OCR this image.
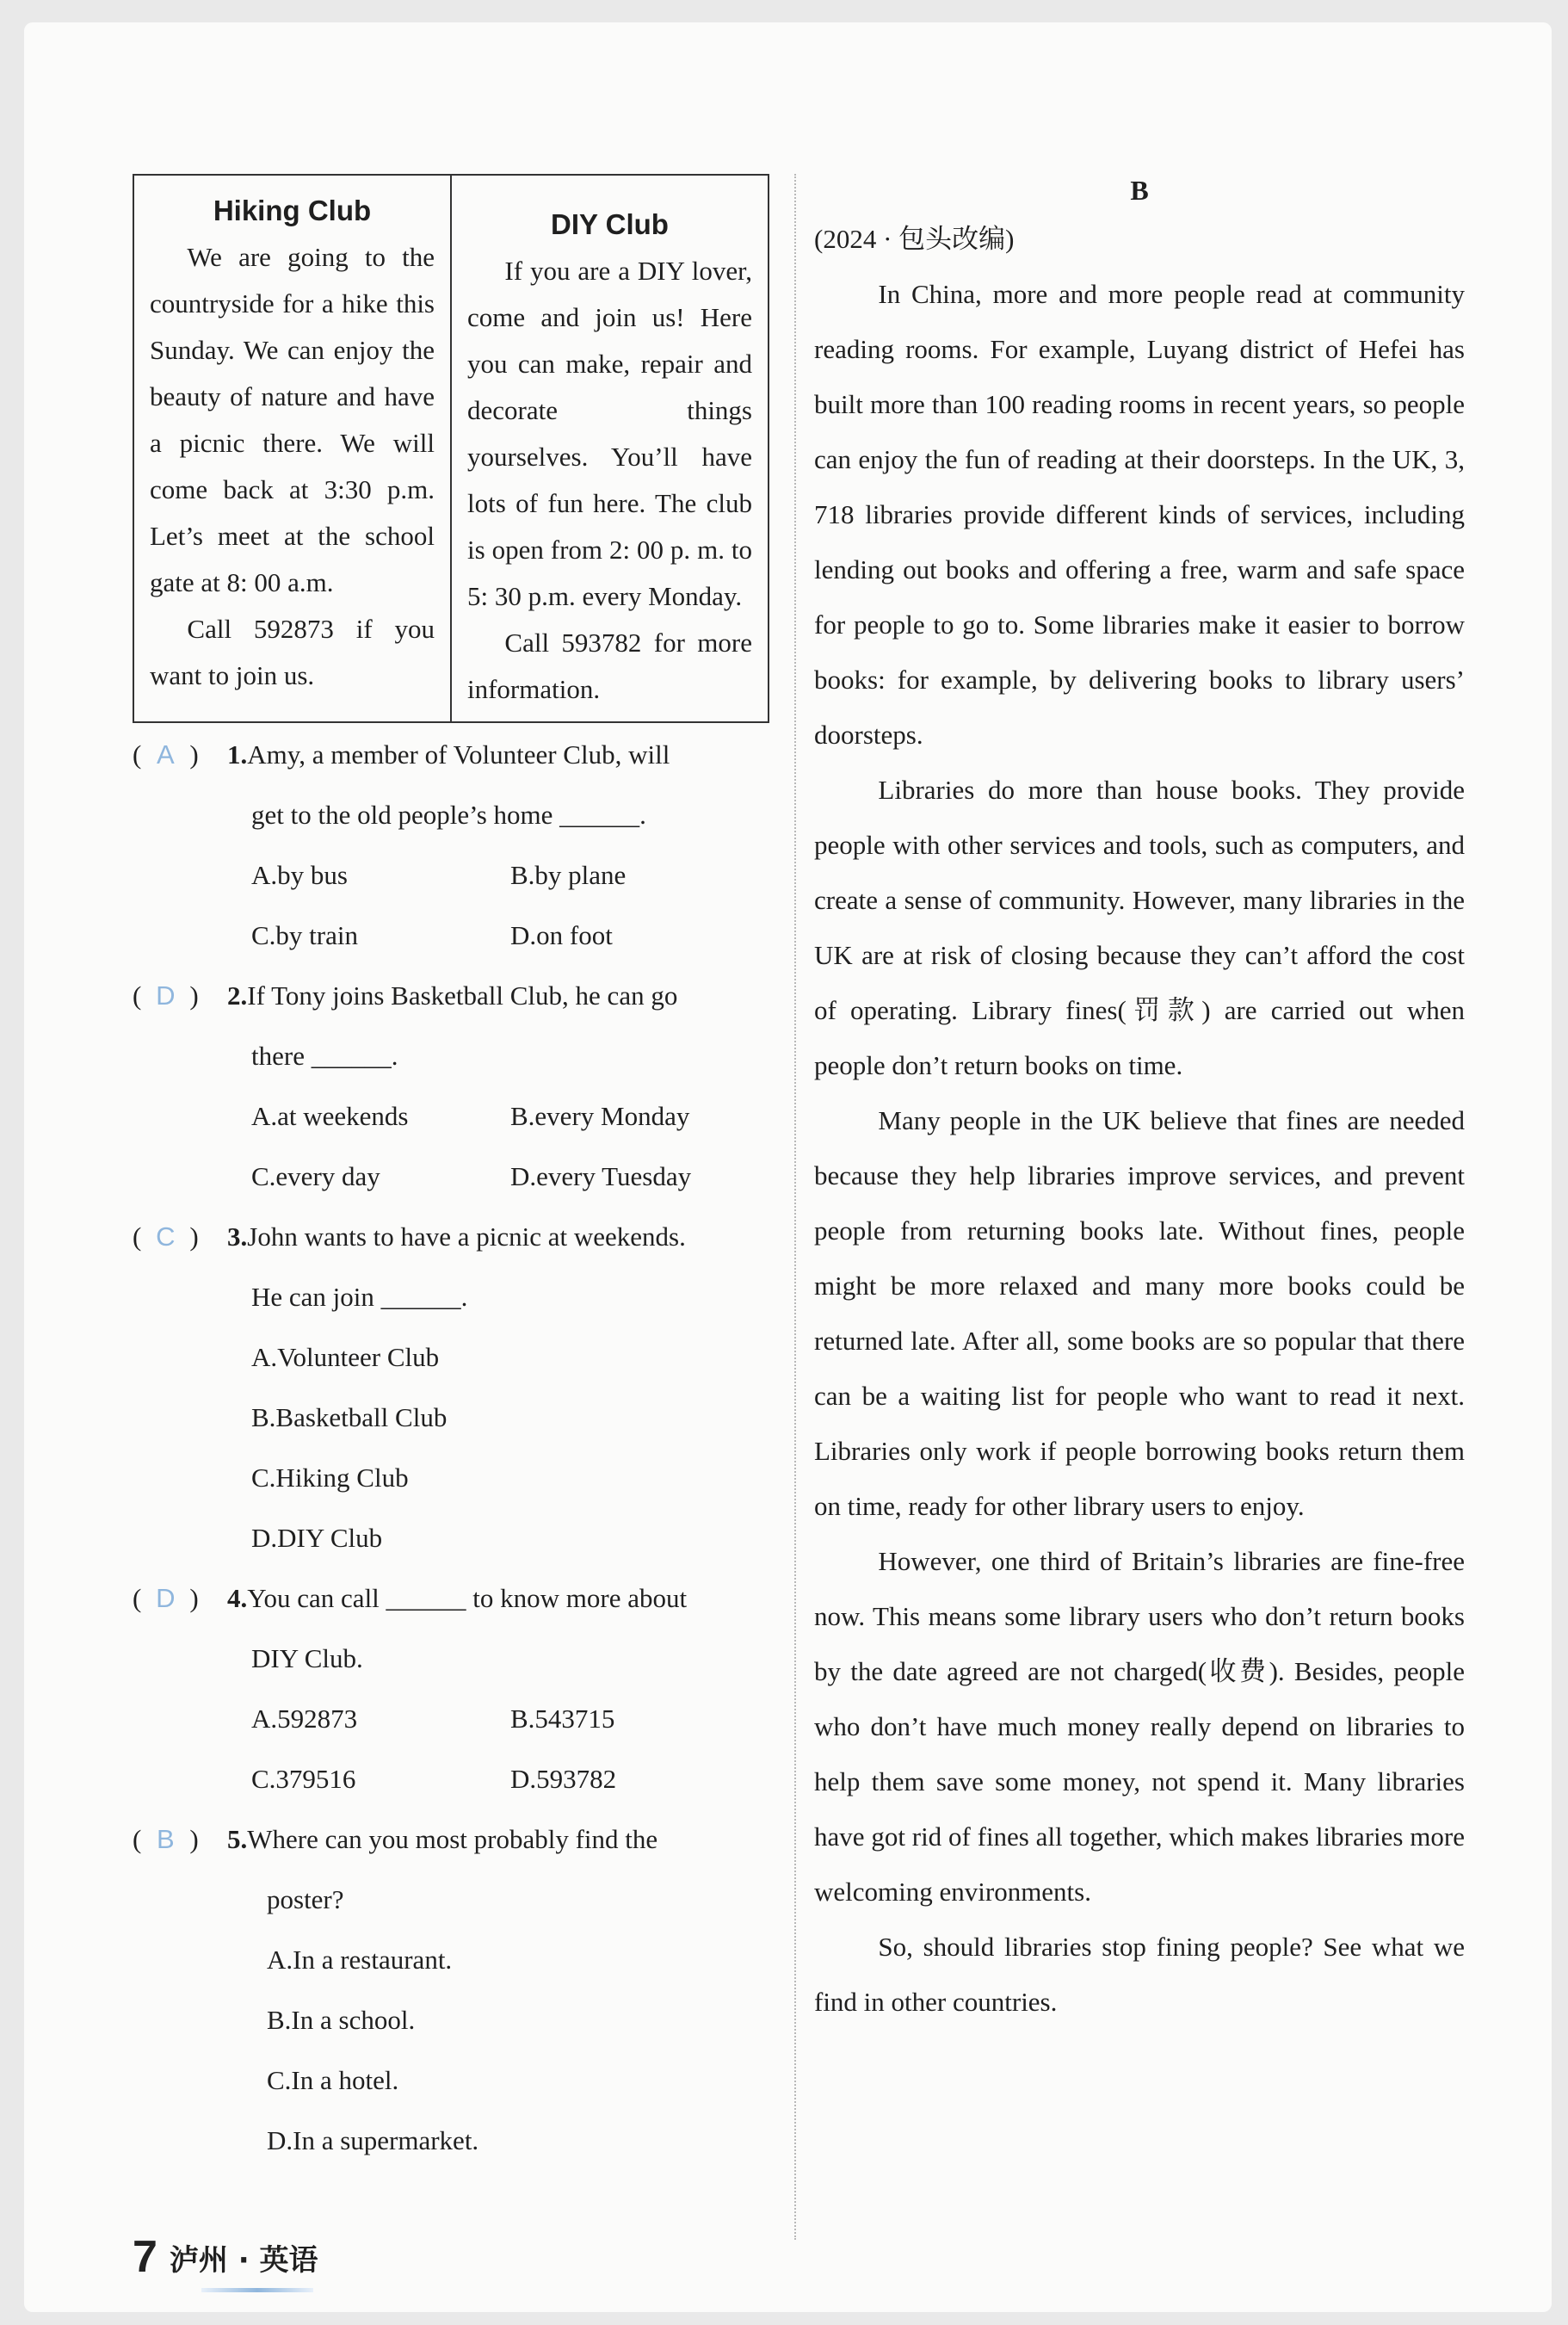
Hiking Club
We are going to the countryside for a hike this Sunday. We can enjoy the beauty of nature and have a picnic there. We will come back at 3:30 p.m. Let’s meet at the school gate at 8: 00 a.m.
Call 592873 if you want to join us.

DIY Club
If you are a DIY lover, come and join us! Here you can make, repair and decorate things yourselves. You’ll have lots of fun here. The club is open from 2: 00 p. m. to 5: 30 p.m. every Monday.
Call 593782 for more information.
( A )	1.Amy, a member of Volunteer Club, will
get to the old people’s home ______.
A.by bus	B.by plane
C.by train	D.on foot
( D )	2.If Tony joins Basketball Club, he can go
there ______.
A.at weekends	B.every Monday
C.every day	D.every Tuesday
( C )	3.John wants to have a picnic at weekends.
He can join ______.
A.Volunteer Club
B.Basketball Club
C.Hiking Club
D.DIY Club
( D )	4.You can call ______ to know more about
DIY Club.
A.592873	B.543715
C.379516	D.593782
( B )	5.Where can you most probably find the
poster?
A.In a restaurant.
B.In a school.
C.In a hotel.
D.In a supermarket.
B
(2024 · 包头改编)

In China, more and more people read at community reading rooms. For example, Luyang district of Hefei has built more than 100 reading rooms in recent years, so people can enjoy the fun of reading at their doorsteps. In the UK, 3, 718 libraries provide different kinds of services, including lending out books and offering a free, warm and safe space for people to go to. Some libraries make it easier to borrow books: for example, by delivering books to library users’ doorsteps.

Libraries do more than house books. They provide people with other services and tools, such as computers, and create a sense of community. However, many libraries in the UK are at risk of closing because they can’t afford the cost of operating. Library fines(罚款) are carried out when people don’t return books on time.

Many people in the UK believe that fines are needed because they help libraries improve services, and prevent people from returning books late. Without fines, people might be more relaxed and many more books could be returned late. After all, some books are so popular that there can be a waiting list for people who want to read it next. Libraries only work if people borrowing books return them on time, ready for other library users to enjoy.

However, one third of Britain’s libraries are fine-free now. This means some library users who don’t return books by the date agreed are not charged(收费). Besides, people who don’t have much money really depend on libraries to help them save some money, not spend it. Many libraries have got rid of fines all together, which makes libraries more welcoming environments.

So, should libraries stop fining people? See what we find in other countries.

7 泸州 · 英语
